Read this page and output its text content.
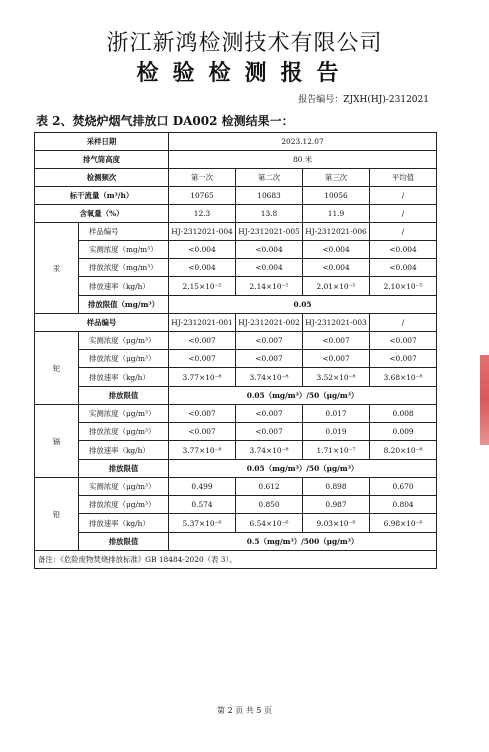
浙江新鸿检测技术有限公司
检验检测报告
报告编号：ZJXH(HJ)-2312021
表 2、焚烧炉烟气排放口 DA002 检测结果一：
采样日期		2023.12.07			
排气筒高度		80 米			
检测频次		第一次	第二次	第三次	平均值
标干流量（m³/h）		10765	10683	10056	/
含氧量（%）		12.3	13.8	11.9	/
汞	样品编号	HJ-2312021-004	HJ-2312021-005	HJ-2312021-006	/
	实测浓度（mg/m³）	<0.004	<0.004	<0.004	<0.004
	排放浓度（mg/m³）	<0.004	<0.004	<0.004	<0.004
	排放速率（kg/h）	2.15×10⁻⁵	2.14×10⁻⁵	2.01×10⁻⁵	2.10×10⁻⁵
	排放限值（mg/m³）	0.05			
样品编号		HJ-2312021-001	HJ-2312021-002	HJ-2312021-003	/
铊	实测浓度（μg/m³）	<0.007	<0.007	<0.007	<0.007
	排放浓度（μg/m³）	<0.007	<0.007	<0.007	<0.007
	排放速率（kg/h）	3.77×10⁻⁸	3.74×10⁻⁸	3.52×10⁻⁸	3.68×10⁻⁸
	排放限值	0.05（mg/m³）/50（μg/m³）			
镉	实测浓度（μg/m³）	<0.007	<0.007	0.017	0.008
	排放浓度（μg/m³）	<0.007	<0.007	0.019	0.009
	排放速率（kg/h）	3.77×10⁻⁸	3.74×10⁻⁸	1.71×10⁻⁷	8.20×10⁻⁸
	排放限值	0.05（mg/m³）/50（μg/m³）			
铅	实测浓度（μg/m³）	0.499	0.612	0.898	0.670
	排放浓度（μg/m³）	0.574	0.850	0.987	0.804
	排放速率（kg/h）	5.37×10⁻⁶	6.54×10⁻⁶	9.03×10⁻⁶	6.98×10⁻⁶
	排放限值	0.5（mg/m³）/500（μg/m³）			
备注：《危险废物焚烧排放标准》GB 18484-2020（表 3）。					
第 2 页 共 5 页
